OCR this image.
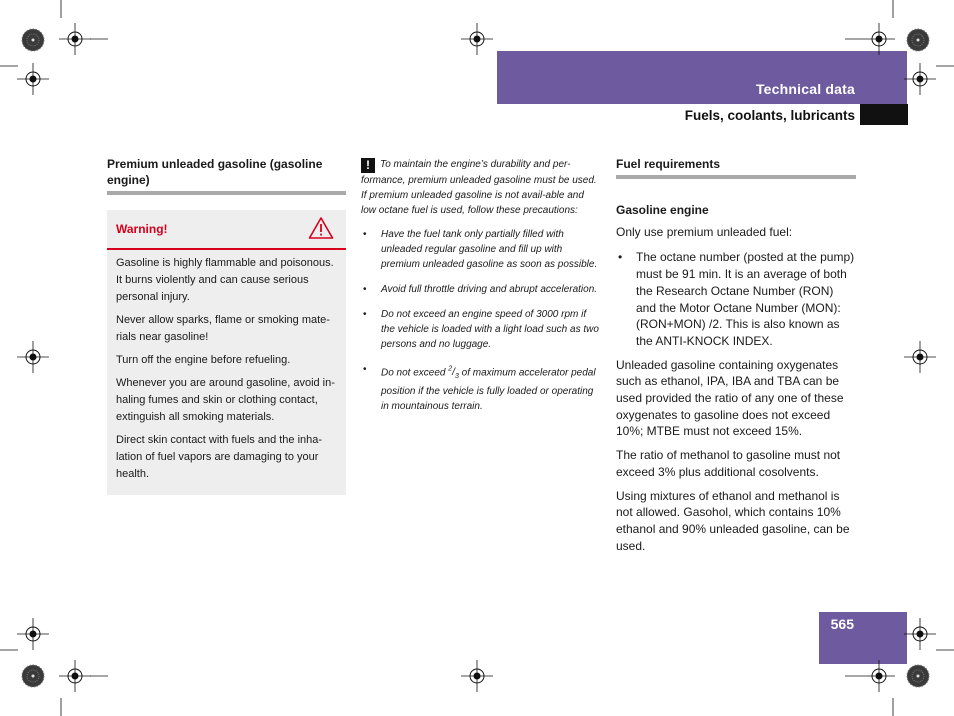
Technical data
Fuels, coolants, lubricants
Premium unleaded gasoline (gasoline engine)
Warning!

Gasoline is highly flammable and poisonous. It burns violently and can cause serious personal injury.

Never allow sparks, flame or smoking mate-rials near gasoline!

Turn off the engine before refueling.

Whenever you are around gasoline, avoid in-haling fumes and skin or clothing contact, extinguish all smoking materials.

Direct skin contact with fuels and the inha-lation of fuel vapors are damaging to your health.

! To maintain the engine’s durability and per-formance, premium unleaded gasoline must be used. If premium unleaded gasoline is not avail-able and low octane fuel is used, follow these precautions:

• Have the fuel tank only partially filled with unleaded regular gasoline and fill up with premium unleaded gasoline as soon as possible.
• Avoid full throttle driving and abrupt acceleration.
• Do not exceed an engine speed of 3000 rpm if the vehicle is loaded with a light load such as two persons and no luggage.
• Do not exceed $^2/_3$ of maximum accelerator pedal position if the vehicle is fully loaded or operating in mountainous terrain.
Fuel requirements
Gasoline engine

Only use premium unleaded fuel:

• The octane number (posted at the pump) must be 91 min. It is an average of both the Research Octane Number (RON) and the Motor Octane Number (MON): (RON+MON) /2. This is also known as the ANTI-KNOCK INDEX.

Unleaded gasoline containing oxygenates such as ethanol, IPA, IBA and TBA can be used provided the ratio of any one of these oxygenates to gasoline does not exceed 10%; MTBE must not exceed 15%.

The ratio of methanol to gasoline must not exceed 3% plus additional cosolvents.

Using mixtures of ethanol and methanol is not allowed. Gasohol, which contains 10% ethanol and 90% unleaded gasoline, can be used.

565
